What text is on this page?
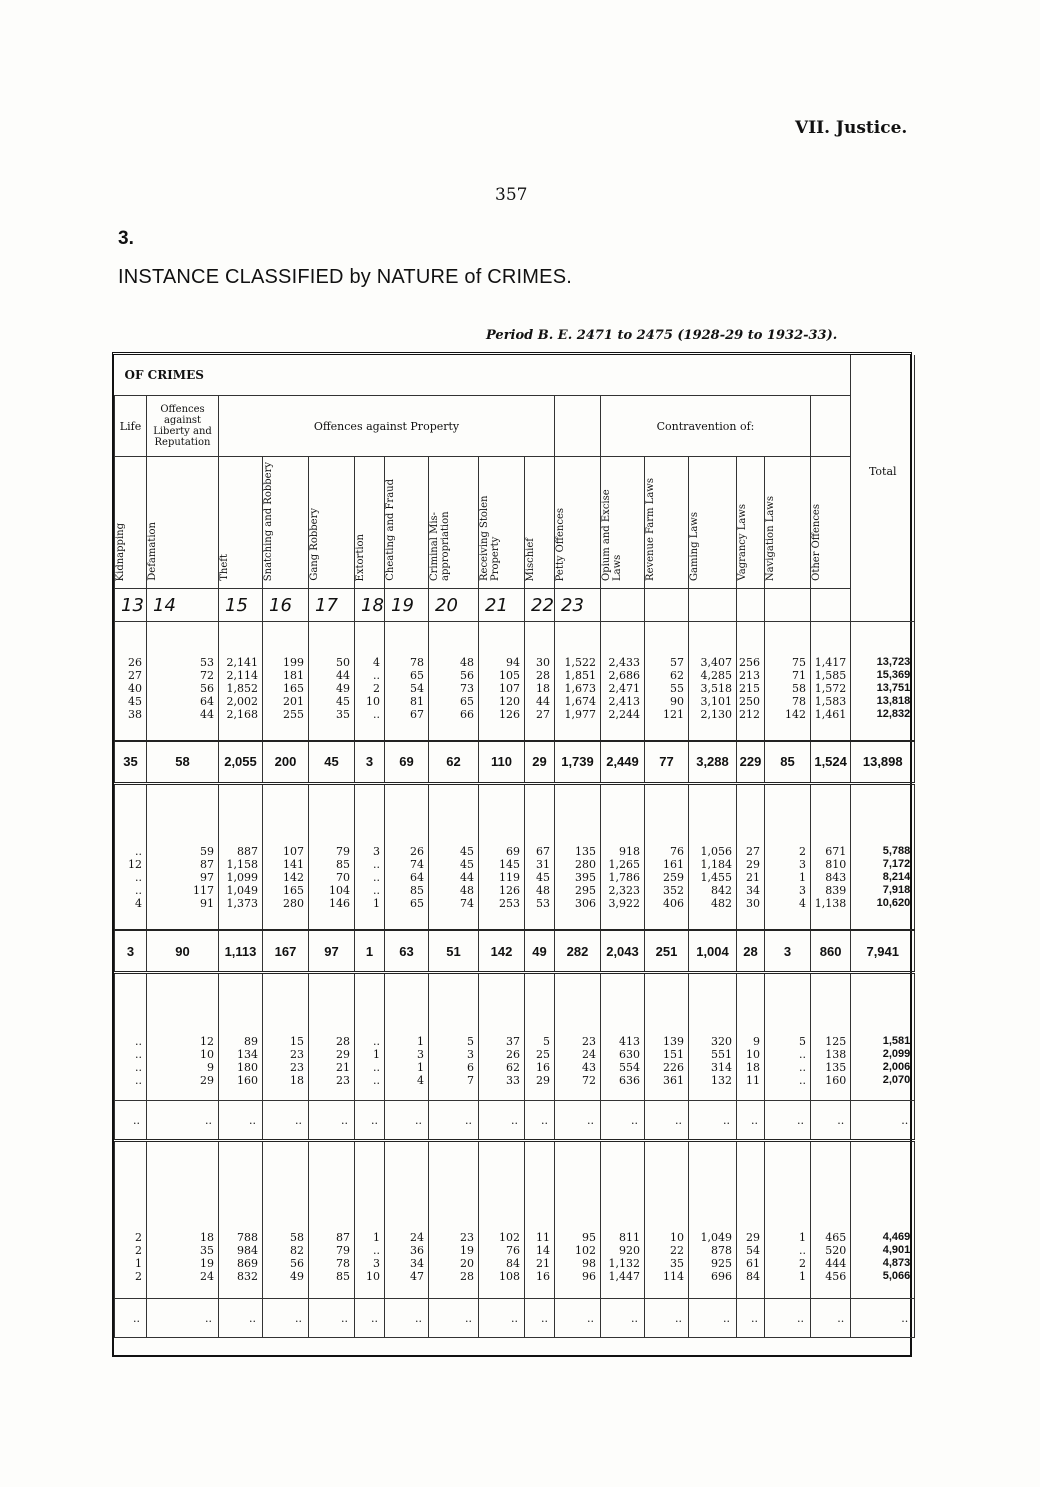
VII. Justice.
357
3.
INSTANCE CLASSIFIED by NATURE of CRIMES.
Period B. E. 2471 to 2475 (1928-29 to 1932-33).
OF CRIMES																	Total
Life	Offences against Liberty and Reputation	Offences against Property									Contravention of:						
Kidnapping	Defamation	Theft	Snatching and Robbery	Gang Robbery	Extortion	Cheating and Fraud	Criminal Mis-appropriation	Receiving Stolen Property	Mischief	Petty Offences	Opium and Excise Laws	Revenue Farm Laws	Gaming Laws	Vagrancy Laws	Navigation Laws	Other Offences	
13	14	15	16	17	18	19	20	21	22	23							

26	53	2,141	199	50	4	78	48	94	30	1,522	2,433	57	3,407	256	75	1,417	13,723
27	72	2,114	181	44	..	65	56	105	28	1,851	2,686	62	4,285	213	71	1,585	15,369
40	56	1,852	165	49	2	54	73	107	18	1,673	2,471	55	3,518	215	58	1,572	13,751
45	64	2,002	201	45	10	81	65	120	44	1,674	2,413	90	3,101	250	78	1,583	13,818
38	44	2,168	255	35	..	67	66	126	27	1,977	2,244	121	2,130	212	142	1,461	12,832

35	58	2,055	200	45	3	69	62	110	29	1,739	2,449	77	3,288	229	85	1,524	13,898

..	59	887	107	79	3	26	45	69	67	135	918	76	1,056	27	2	671	5,788
12	87	1,158	141	85	..	74	45	145	31	280	1,265	161	1,184	29	3	810	7,172
..	97	1,099	142	70	..	64	44	119	45	395	1,786	259	1,455	21	1	843	8,214
..	117	1,049	165	104	..	85	48	126	48	295	2,323	352	842	34	3	839	7,918
4	91	1,373	280	146	1	65	74	253	53	306	3,922	406	482	30	4	1,138	10,620

3	90	1,113	167	97	1	63	51	142	49	282	2,043	251	1,004	28	3	860	7,941

..	12	89	15	28	..	1	5	37	5	23	413	139	320	9	5	125	1,581
..	10	134	23	29	1	3	3	26	25	24	630	151	551	10	..	138	2,099
..	9	180	23	21	..	1	6	62	16	43	554	226	314	18	..	135	2,006
..	29	160	18	23	..	4	7	33	29	72	636	361	132	11	..	160	2,070

..	..	..	..	..	..	..	..	..	..	..	..	..	..	..	..	..	..

2	18	788	58	87	1	24	23	102	11	95	811	10	1,049	29	1	465	4,469
2	35	984	82	79	..	36	19	76	14	102	920	22	878	54	..	520	4,901
1	19	869	56	78	3	34	20	84	21	98	1,132	35	925	61	2	444	4,873
2	24	832	49	85	10	47	28	108	16	96	1,447	114	696	84	1	456	5,066

..	..	..	..	..	..	..	..	..	..	..	..	..	..	..	..	..	..
